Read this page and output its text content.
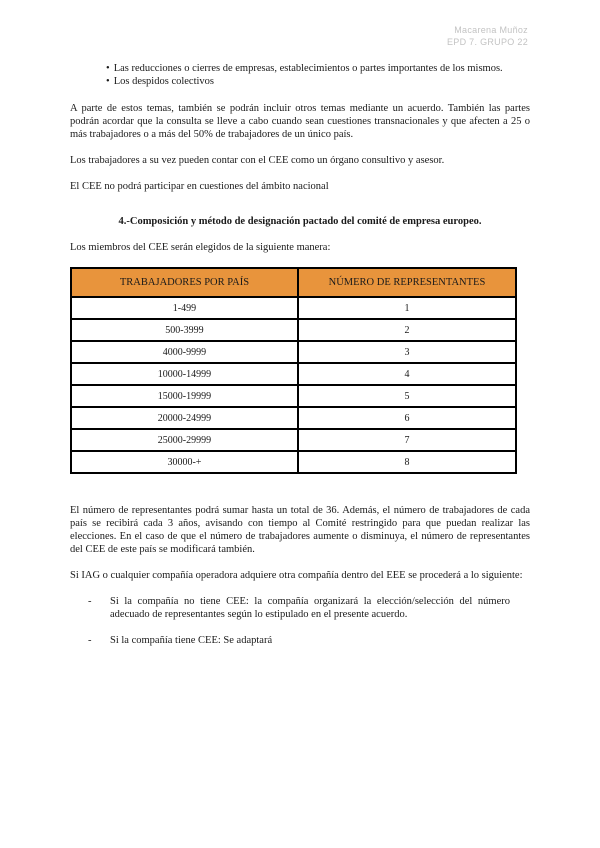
Macarena Muñoz
EPD 7. GRUPO 22

• Las reducciones o cierres de empresas, establecimientos o partes importantes de los mismos.

• Los despidos colectivos

A parte de estos temas, también se podrán incluir otros temas mediante un acuerdo. También las partes podrán acordar que la consulta se lleve a cabo cuando sean cuestiones transnacionales y que afecten a 25 o más trabajadores o a más del 50% de trabajadores de un único país.

Los trabajadores a su vez pueden contar con el CEE como un órgano consultivo y asesor.

El CEE no podrá participar en cuestiones del ámbito nacional

4.-Composición y método de designación pactado del comité de empresa europeo.

Los miembros del CEE serán elegidos de la siguiente manera:

TRABAJADORES POR PAÍS	NÚMERO DE REPRESENTANTES
1-499	1
500-3999	2
4000-9999	3
10000-14999	4
15000-19999	5
20000-24999	6
25000-29999	7
30000-+	8

El número de representantes podrá sumar hasta un total de 36. Además, el número de trabajadores de cada país se recibirá cada 3 años, avisando con tiempo al Comité restringido para que puedan realizar las elecciones. En el caso de que el número de trabajadores aumente o disminuya, el número de representantes del CEE de este país se modificará también.

Si IAG o cualquier compañía operadora adquiere otra compañía dentro del EEE se procederá a lo siguiente:

-	Si la compañía no tiene CEE: la compañía organizará la elección/selección del número adecuado de representantes según lo estipulado en el presente acuerdo.
-	Si la compañía tiene CEE: Se adaptará
